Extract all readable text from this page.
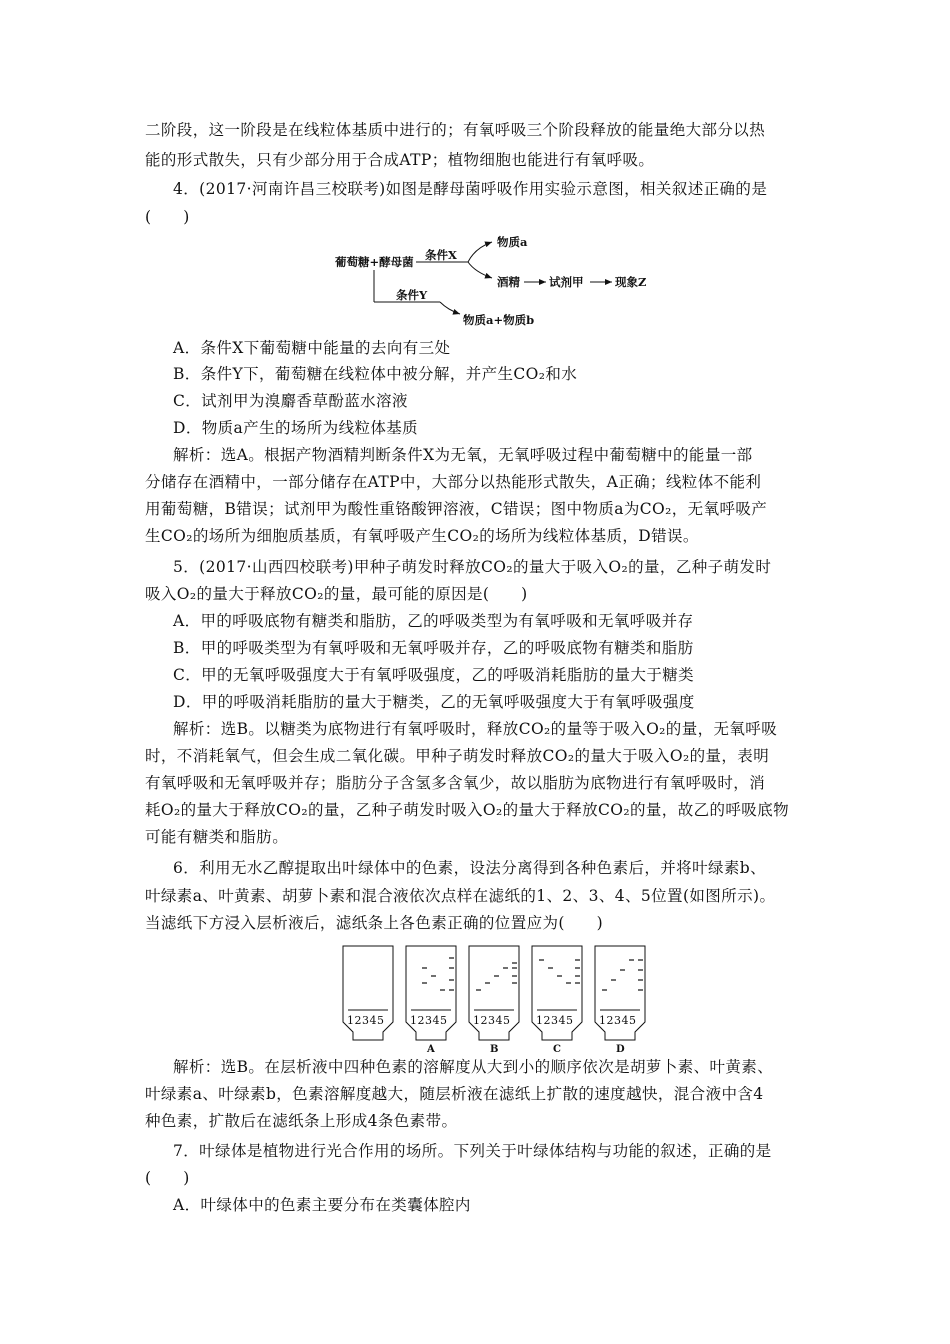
二阶段，这一阶段是在线粒体基质中进行的；有氧呼吸三个阶段释放的能量绝大部分以热
能的形式散失，只有少部分用于合成ATP；植物细胞也能进行有氧呼吸。
4．(2017·河南许昌三校联考)如图是酵母菌呼吸作用实验示意图，相关叙述正确的是
(　　)
葡萄糖+酵母菌 条件X
物质a
酒精	试剂甲	现象Z
条件Y
物质a+物质b
A．条件X下葡萄糖中能量的去向有三处
B．条件Y下，葡萄糖在线粒体中被分解，并产生CO₂和水
C．试剂甲为溴麝香草酚蓝水溶液
D．物质a产生的场所为线粒体基质
解析：选A。根据产物酒精判断条件X为无氧，无氧呼吸过程中葡萄糖中的能量一部
分储存在酒精中，一部分储存在ATP中，大部分以热能形式散失，A正确；线粒体不能利
用葡萄糖，B错误；试剂甲为酸性重铬酸钾溶液，C错误；图中物质a为CO₂，无氧呼吸产
生CO₂的场所为细胞质基质，有氧呼吸产生CO₂的场所为线粒体基质，D错误。
5．(2017·山西四校联考)甲种子萌发时释放CO₂的量大于吸入O₂的量，乙种子萌发时
吸入O₂的量大于释放CO₂的量，最可能的原因是(　　)
A．甲的呼吸底物有糖类和脂肪，乙的呼吸类型为有氧呼吸和无氧呼吸并存
B．甲的呼吸类型为有氧呼吸和无氧呼吸并存，乙的呼吸底物有糖类和脂肪
C．甲的无氧呼吸强度大于有氧呼吸强度，乙的呼吸消耗脂肪的量大于糖类
D．甲的呼吸消耗脂肪的量大于糖类，乙的无氧呼吸强度大于有氧呼吸强度
解析：选B。以糖类为底物进行有氧呼吸时，释放CO₂的量等于吸入O₂的量，无氧呼吸
时，不消耗氧气，但会生成二氧化碳。甲种子萌发时释放CO₂的量大于吸入O₂的量，表明
有氧呼吸和无氧呼吸并存；脂肪分子含氢多含氧少，故以脂肪为底物进行有氧呼吸时，消
耗O₂的量大于释放CO₂的量，乙种子萌发时吸入O₂的量大于释放CO₂的量，故乙的呼吸底物
可能有糖类和脂肪。
6．利用无水乙醇提取出叶绿体中的色素，设法分离得到各种色素后，并将叶绿素b、
叶绿素a、叶黄素、胡萝卜素和混合液依次点样在滤纸的1、2、3、4、5位置(如图所示)。
当滤纸下方浸入层析液后，滤纸条上各色素正确的位置应为(　　)
12345 12345
A
12345
B
12345
C
12345
D
解析：选B。在层析液中四种色素的溶解度从大到小的顺序依次是胡萝卜素、叶黄素、
叶绿素a、叶绿素b，色素溶解度越大，随层析液在滤纸上扩散的速度越快，混合液中含4
种色素，扩散后在滤纸条上形成4条色素带。
7．叶绿体是植物进行光合作用的场所。下列关于叶绿体结构与功能的叙述，正确的是
(　　)
A．叶绿体中的色素主要分布在类囊体腔内
